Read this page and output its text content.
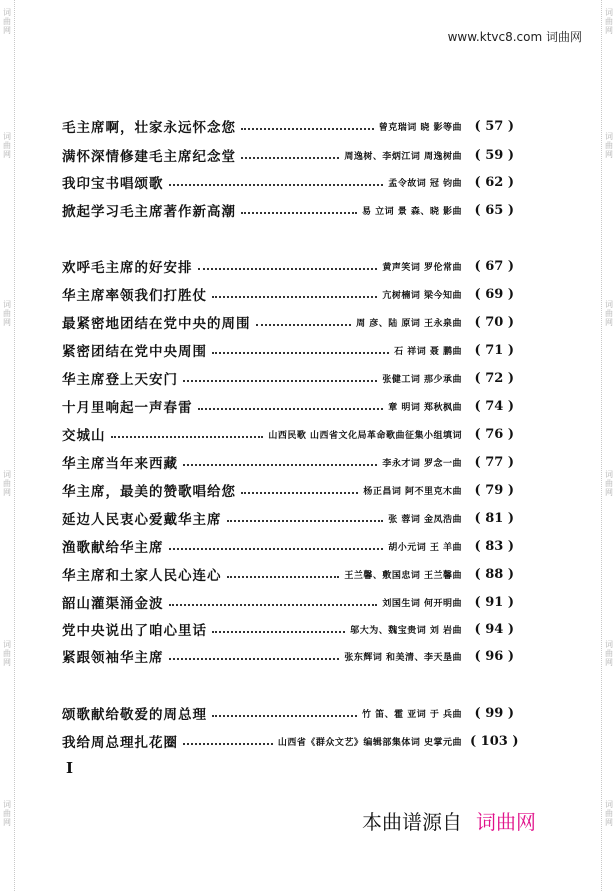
词
曲
网
词
曲
网
词
曲
网
词
曲
网
词
曲
网
词
曲
网
词
曲
网
词
曲
网
词
曲
网
词
曲
网
词
曲
网
词
曲
网
www.ktvc8.com 词曲网
毛主席啊，壮家永远怀念您	曾克瑞词 晓 影等曲 ( 57 )
满怀深情修建毛主席纪念堂	周逸树、李炳江词 周逸树曲 ( 59 )
我印宝书唱颂歌	孟令故词 冠 钧曲 ( 62 )
掀起学习毛主席著作新高潮	易 立词 景 森、晓 影曲 ( 65 )
欢呼毛主席的好安排	黄声笑词 罗伦常曲 ( 67 )
华主席率领我们打胜仗	亢树楠词 梁今知曲 ( 69 )
最紧密地团结在党中央的周围	周 彦、陆 原词 王永泉曲 ( 70 )
紧密团结在党中央周围	石 祥词 聂 鹏曲 ( 71 )
华主席登上天安门	张健工词 那少承曲 ( 72 )
十月里响起一声春雷	章 明词 郑秋枫曲 ( 74 )
交城山	山西民歌 山西省文化局革命歌曲征集小组填词 ( 76 )
华主席当年来西藏	李永才词 罗念一曲 ( 77 )
华主席，最美的赞歌唱给您	杨正昌词 阿不里克木曲 ( 79 )
延边人民衷心爱戴华主席	张 蓉词 金凤浩曲 ( 81 )
渔歌献给华主席	胡小元词 王 羊曲 ( 83 )
华主席和土家人民心连心	王兰馨、敷国忠词 王兰馨曲 ( 88 )
韶山灌渠涌金波	刘国生词 何开明曲 ( 91 )
党中央说出了咱心里话	邬大为、魏宝贵词 刘 岩曲 ( 94 )
紧跟领袖华主席	张东辉词 和美清、李天垦曲 ( 96 )
颂歌献给敬爱的周总理	竹 笛、霍 亚词 于 兵曲 ( 99 )
我给周总理扎花圈	山西省《群众文艺》编辑部集体词 史掌元曲 ( 103 )
I
本曲谱源自 词曲网
